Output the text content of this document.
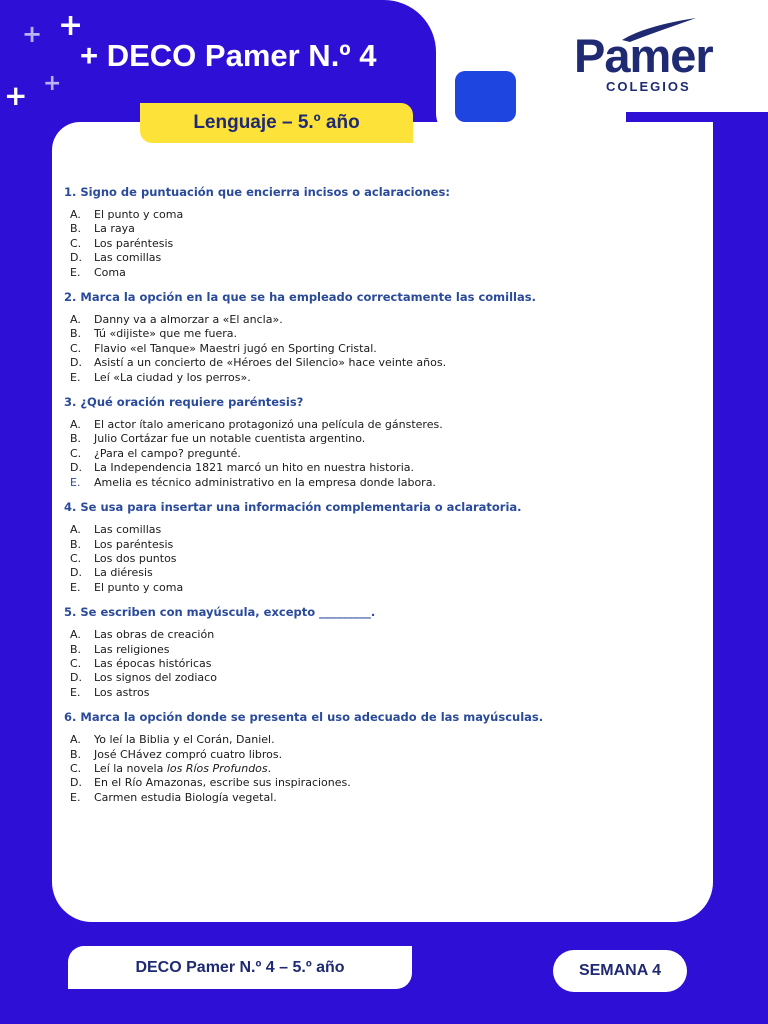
+ +
+
+
+ DECO Pamer N.º 4	Pamer
COLEGIOS
Lenguaje – 5.º año

1. Signo de puntuación que encierra incisos o aclaraciones:

A.	El punto y coma
B.	La raya
C.	Los paréntesis
D.	Las comillas
E.	Coma

2. Marca la opción en la que se ha empleado correctamente las comillas.

A.	Danny va a almorzar a «El ancla».
B.	Tú «dijiste» que me fuera.
C.	Flavio «el Tanque» Maestri jugó en Sporting Cristal.
D.	Asistí a un concierto de «Héroes del Silencio» hace veinte años.
E.	Leí «La ciudad y los perros».

3. ¿Qué oración requiere paréntesis?

A.	El actor ítalo americano protagonizó una película de gánsteres.
B.	Julio Cortázar fue un notable cuentista argentino.
C.	¿Para el campo? pregunté.
D.	La Independencia 1821 marcó un hito en nuestra historia.
E.	Amelia es técnico administrativo en la empresa donde labora.

4. Se usa para insertar una información complementaria o aclaratoria.

A.	Las comillas
B.	Los paréntesis
C.	Los dos puntos
D.	La diéresis
E.	El punto y coma

5. Se escriben con mayúscula, excepto _________.

A.	Las obras de creación
B.	Las religiones
C.	Las épocas históricas
D.	Los signos del zodiaco
E.	Los astros

6. Marca la opción donde se presenta el uso adecuado de las mayúsculas.

A.	Yo leí la Biblia y el Corán, Daniel.
B.	José CHávez compró cuatro libros.
C.	Leí la novela los Ríos Profundos.
D.	En el Río Amazonas, escribe sus inspiraciones.
E.	Carmen estudia Biología vegetal.
DECO Pamer N.º 4 – 5.º año	SEMANA 4
